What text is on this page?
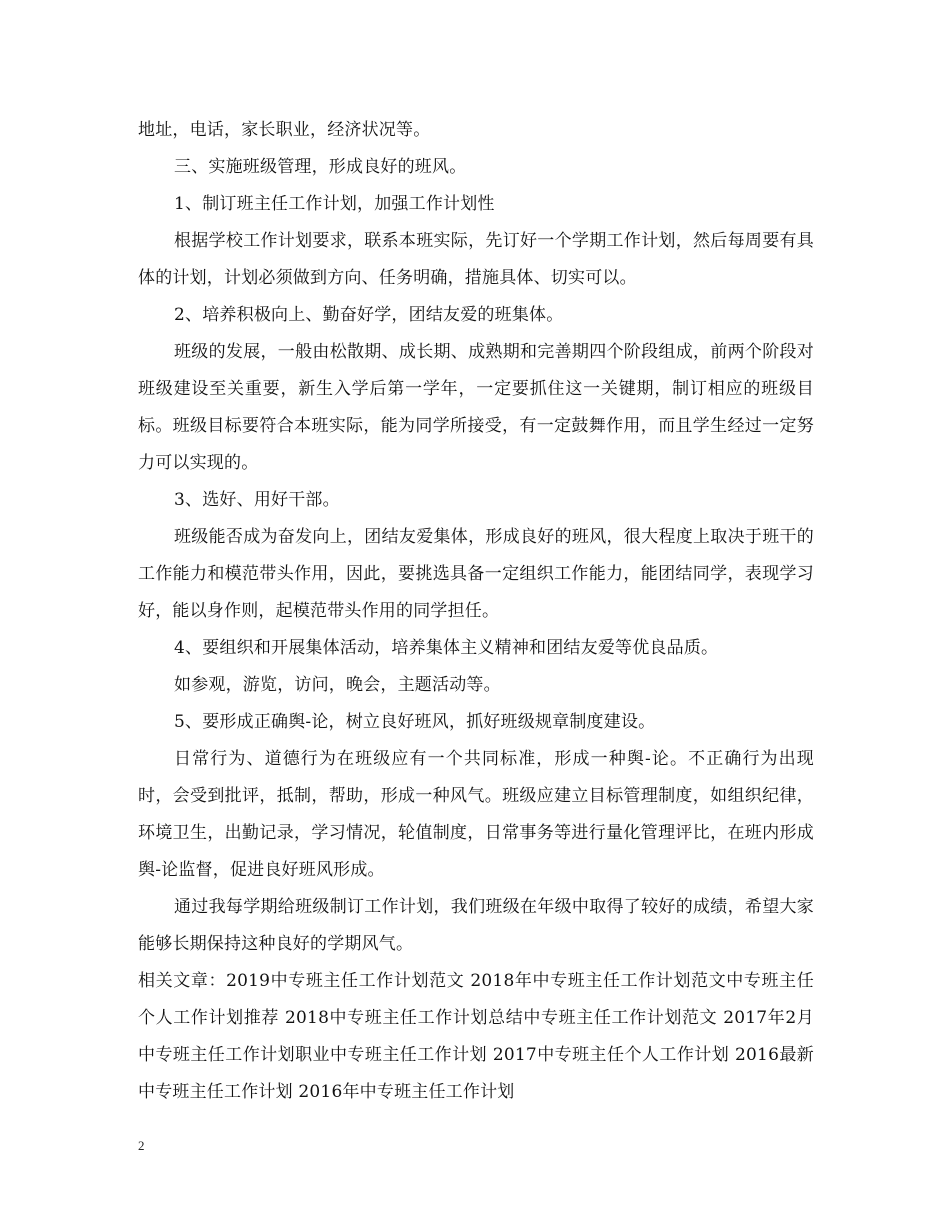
地址，电话，家长职业，经济状况等。

三、实施班级管理，形成良好的班风。

1、制订班主任工作计划，加强工作计划性

根据学校工作计划要求，联系本班实际，先订好一个学期工作计划，然后每周要有具体的计划，计划必须做到方向、任务明确，措施具体、切实可以。

2、培养积极向上、勤奋好学，团结友爱的班集体。

班级的发展，一般由松散期、成长期、成熟期和完善期四个阶段组成，前两个阶段对班级建设至关重要，新生入学后第一学年，一定要抓住这一关键期，制订相应的班级目标。班级目标要符合本班实际，能为同学所接受，有一定鼓舞作用，而且学生经过一定努力可以实现的。

3、选好、用好干部。

班级能否成为奋发向上，团结友爱集体，形成良好的班风，很大程度上取决于班干的工作能力和模范带头作用，因此，要挑选具备一定组织工作能力，能团结同学，表现学习好，能以身作则，起模范带头作用的同学担任。

4、要组织和开展集体活动，培养集体主义精神和团结友爱等优良品质。

如参观，游览，访问，晚会，主题活动等。

5、要形成正确舆-论，树立良好班风，抓好班级规章制度建设。

日常行为、道德行为在班级应有一个共同标准，形成一种舆-论。不正确行为出现时，会受到批评，抵制，帮助，形成一种风气。班级应建立目标管理制度，如组织纪律，环境卫生，出勤记录，学习情况，轮值制度，日常事务等进行量化管理评比，在班内形成舆-论监督，促进良好班风形成。

通过我每学期给班级制订工作计划，我们班级在年级中取得了较好的成绩，希望大家能够长期保持这种良好的学期风气。

相关文章：2019中专班主任工作计划范文 2018年中专班主任工作计划范文中专班主任个人工作计划推荐 2018中专班主任工作计划总结中专班主任工作计划范文 2017年2月中专班主任工作计划职业中专班主任工作计划 2017中专班主任个人工作计划 2016最新中专班主任工作计划 2016年中专班主任工作计划

2
